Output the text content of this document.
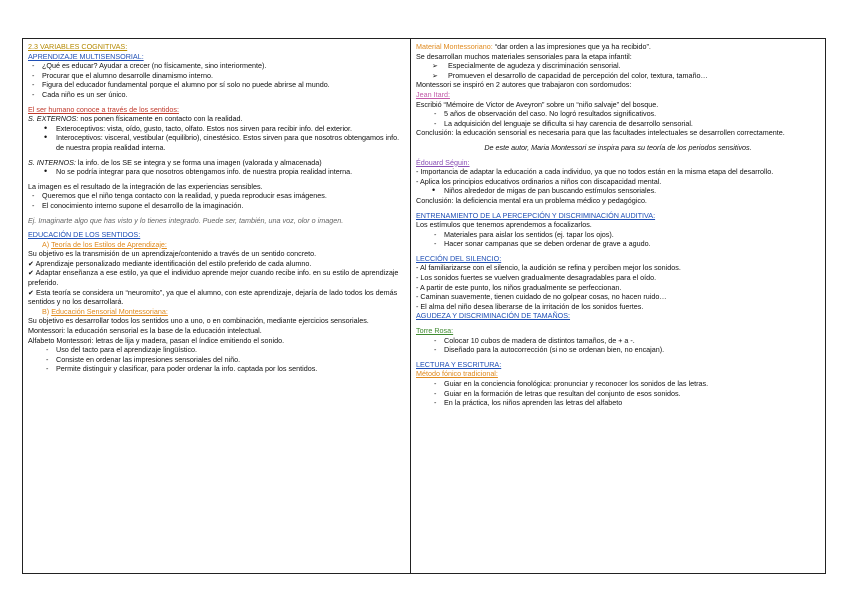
2.3 VARIABLES COGNITIVAS:

APRENDIZAJE MULTISENSORIAL:

- ¿Qué es educar? Ayudar a crecer (no físicamente, sino interiormente).
- Procurar que el alumno desarrolle dinamismo interno.
- Figura del educador fundamental porque el alumno por sí solo no puede abrirse al mundo.
- Cada niño es un ser único.

El ser humano conoce a través de los sentidos:

S. EXTERNOS: nos ponen físicamente en contacto con la realidad.

• Exteroceptivos: vista, oído, gusto, tacto, olfato. Estos nos sirven para recibir info. del exterior.
• Interoceptivos: visceral, vestibular (equilibrio), cinestésico. Estos sirven para que nosotros obtengamos info. de nuestra propia realidad interna.

S. INTERNOS: la info. de los SE se integra y se forma una imagen (valorada y almacenada)

• No se podría integrar para que nosotros obtengamos info. de nuestra propia realidad interna.

La imagen es el resultado de la integración de las experiencias sensibles.

- Queremos que el niño tenga contacto con la realidad, y pueda reproducir esas imágenes.
- El conocimiento interno supone el desarrollo de la imaginación.

Ej. Imaginarte algo que has visto y lo tienes integrado. Puede ser, también, una voz, olor o imagen.

EDUCACIÓN DE LOS SENTIDOS:

A) Teoría de los Estilos de Aprendizaje:

Su objetivo es la transmisión de un aprendizaje/contenido a través de un sentido concreto.

✔ Aprendizaje personalizado mediante identificación del estilo preferido de cada alumno.

✔ Adaptar enseñanza a ese estilo, ya que el individuo aprende mejor cuando recibe info. en su estilo de aprendizaje preferido.

✔ Esta teoría se considera un “neuromito”, ya que el alumno, con este aprendizaje, dejaría de lado todos los demás sentidos y no los desarrollará.

B) Educación Sensorial Montessoriana:

Su objetivo es desarrollar todos los sentidos uno a uno, o en combinación, mediante ejercicios sensoriales.

Montessori: la educación sensorial es la base de la educación intelectual.

Alfabeto Montessori: letras de lija y madera, pasan el índice emitiendo el sonido.

- Uso del tacto para el aprendizaje lingüístico.
- Consiste en ordenar las impresiones sensoriales del niño.
- Permite distinguir y clasificar, para poder ordenar la info. captada por los sentidos.

Material Montessoriano: “dar orden a las impresiones que ya ha recibido”.

Se desarrollan muchos materiales sensoriales para la etapa infantil:

➢ Especialmente de agudeza y discriminación sensorial.
➢ Promueven el desarrollo de capacidad de percepción del color, textura, tamaño…

Montessori se inspiró en 2 autores que trabajaron con sordomudos:

Jean Itard:

Escribió “Mémoire de Victor de Aveyron” sobre un “niño salvaje” del bosque.

- 5 años de observación del caso. No logró resultados significativos.
- La adquisición del lenguaje se dificulta si hay carencia de desarrollo sensorial.

Conclusión: la educación sensorial es necesaria para que las facultades intelectuales se desarrollen correctamente.

De este autor, Maria Montessori se inspira para su teoría de los periodos sensitivos.

Édouard Séguin:

- Importancia de adaptar la educación a cada individuo, ya que no todos están en la misma etapa del desarrollo.

- Aplica los principios educativos ordinarios a niños con discapacidad mental.

• Niños alrededor de migas de pan buscando estímulos sensoriales.

Conclusión: la deficiencia mental era un problema médico y pedagógico.

ENTRENAMIENTO DE LA PERCEPCIÓN Y DISCRIMINACIÓN AUDITIVA:

Los estímulos que tenemos aprendemos a focalizarlos.

- Materiales para aislar los sentidos (ej. tapar los ojos).
- Hacer sonar campanas que se deben ordenar de grave a agudo.

LECCIÓN DEL SILENCIO:

- Al familiarizarse con el silencio, la audición se refina y perciben mejor los sonidos.

- Los sonidos fuertes se vuelven gradualmente desagradables para el oído.

- A partir de este punto, los niños gradualmente se perfeccionan.

- Caminan suavemente, tienen cuidado de no golpear cosas, no hacen ruido…

- El alma del niño desea liberarse de la irritación de los sonidos fuertes.

AGUDEZA Y DISCRIMINACIÓN DE TAMAÑOS:

Torre Rosa:

- Colocar 10 cubos de madera de distintos tamaños, de + a -.
- Diseñado para la autocorrección (si no se ordenan bien, no encajan).

LECTURA Y ESCRITURA:

Método fónico tradicional:

- Guiar en la conciencia fonológica: pronunciar y reconocer los sonidos de las letras.
- Guiar en la formación de letras que resultan del conjunto de esos sonidos.
- En la práctica, los niños aprenden las letras del alfabeto
